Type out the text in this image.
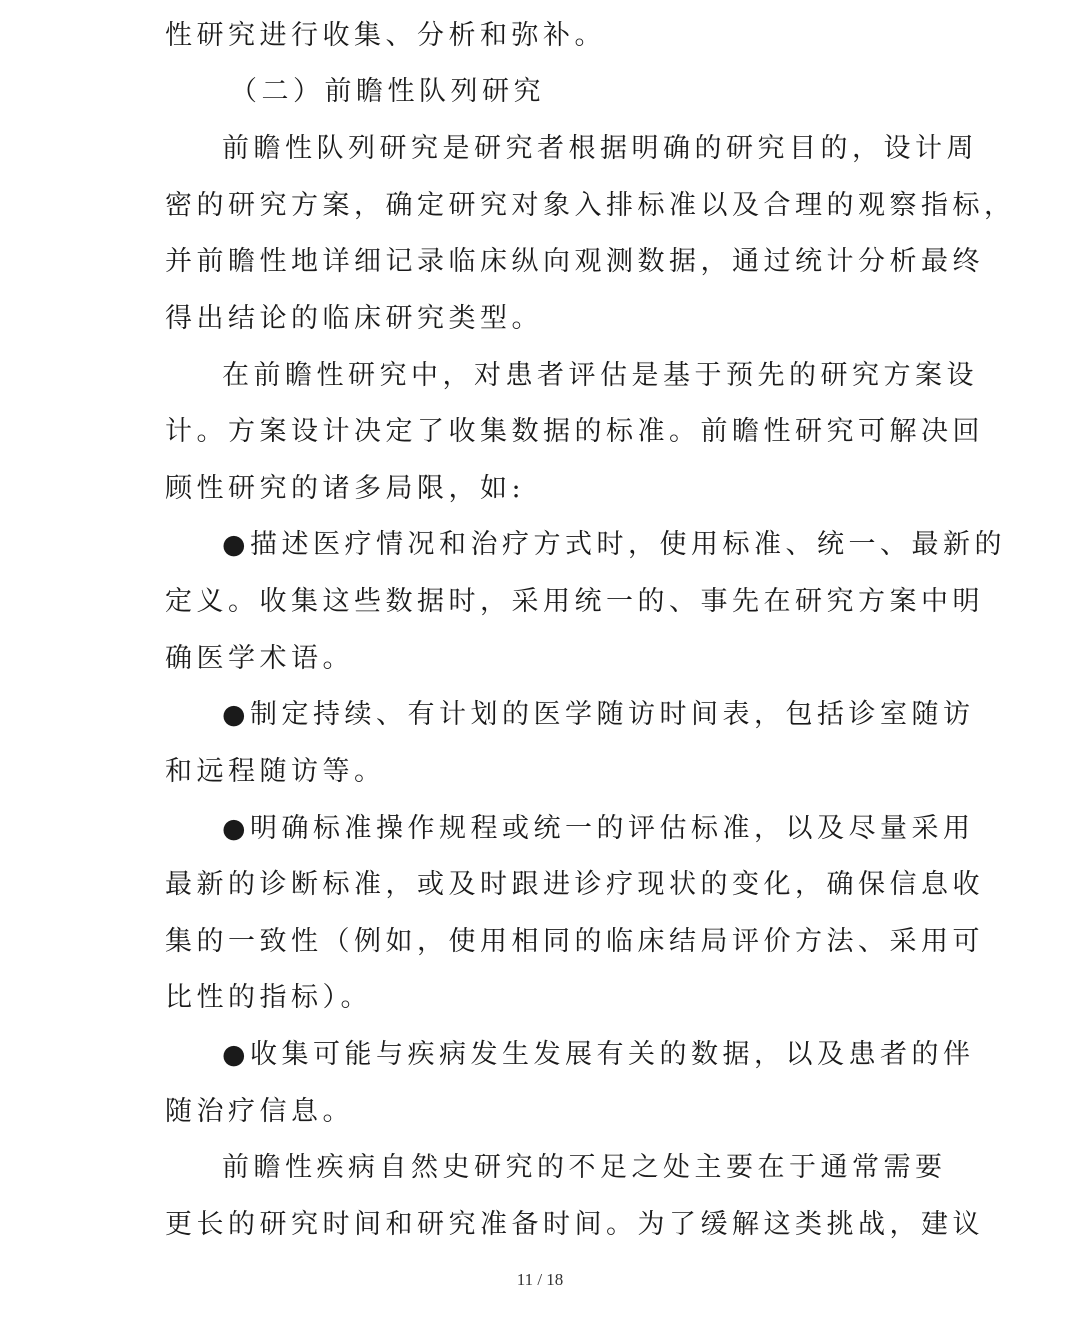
性研究进行收集、分析和弥补。

（二）前瞻性队列研究

前瞻性队列研究是研究者根据明确的研究目的，设计周

密的研究方案，确定研究对象入排标准以及合理的观察指标，

并前瞻性地详细记录临床纵向观测数据，通过统计分析最终

得出结论的临床研究类型。

在前瞻性研究中，对患者评估是基于预先的研究方案设

计。方案设计决定了收集数据的标准。前瞻性研究可解决回

顾性研究的诸多局限，如:

●描述医疗情况和治疗方式时，使用标准、统一、最新的

定义。收集这些数据时，采用统一的、事先在研究方案中明

确医学术语。

●制定持续、有计划的医学随访时间表，包括诊室随访

和远程随访等。

●明确标准操作规程或统一的评估标准，以及尽量采用

最新的诊断标准，或及时跟进诊疗现状的变化，确保信息收

集的一致性（例如，使用相同的临床结局评价方法、采用可

比性的指标）。

●收集可能与疾病发生发展有关的数据，以及患者的伴

随治疗信息。

前瞻性疾病自然史研究的不足之处主要在于通常需要

更长的研究时间和研究准备时间。为了缓解这类挑战，建议

11 / 18
